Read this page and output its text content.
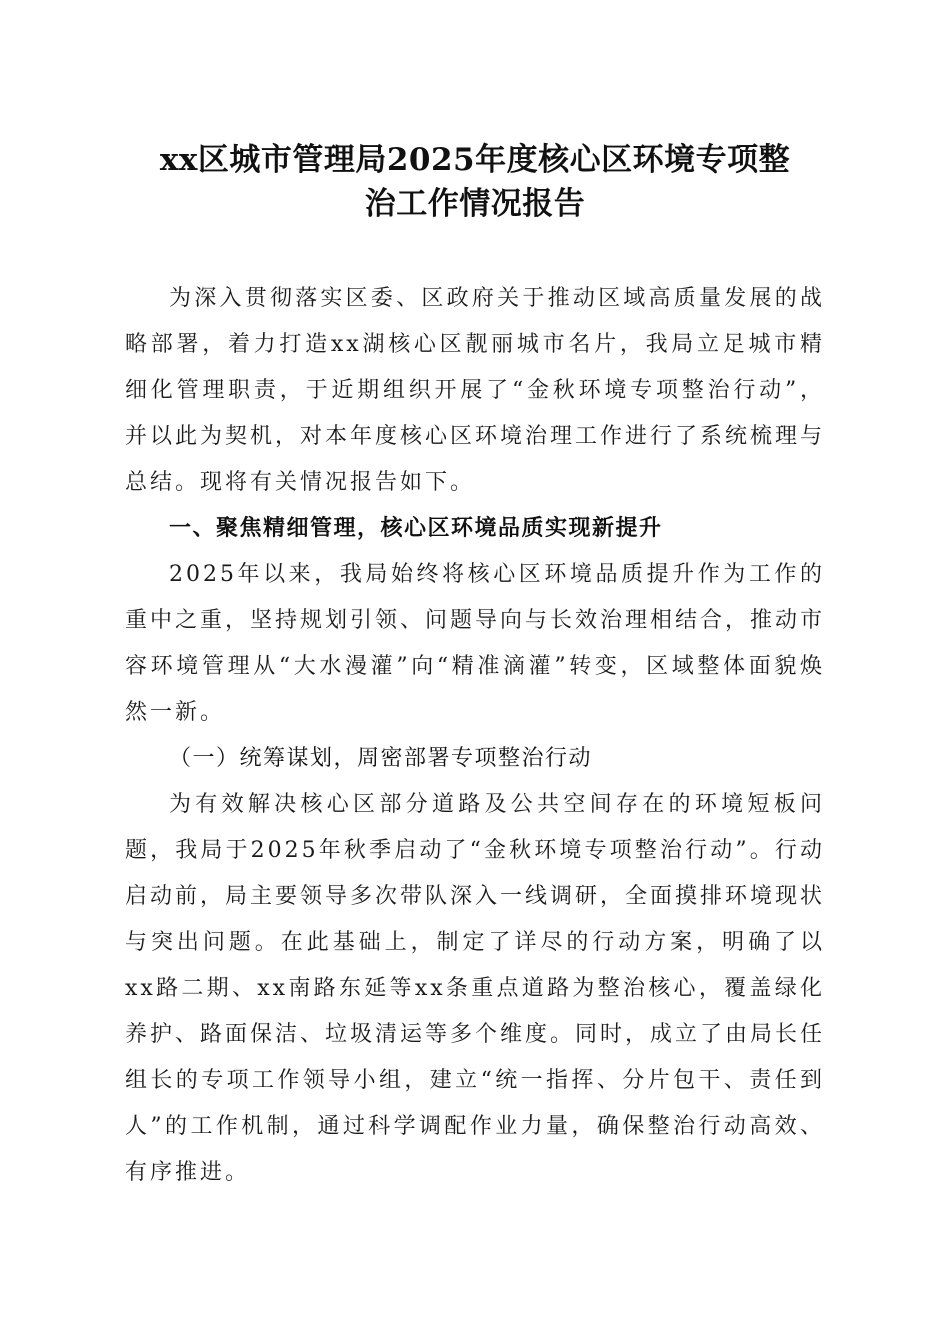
xx区城市管理局2025年度核心区环境专项整
治工作情况报告

为深入贯彻落实区委、区政府关于推动区域高质量发展的战略部署，着力打造xx湖核心区靓丽城市名片，我局立足城市精细化管理职责，于近期组织开展了“金秋环境专项整治行动”，并以此为契机，对本年度核心区环境治理工作进行了系统梳理与总结。现将有关情况报告如下。

一、聚焦精细管理，核心区环境品质实现新提升

2025年以来，我局始终将核心区环境品质提升作为工作的重中之重，坚持规划引领、问题导向与长效治理相结合，推动市容环境管理从“大水漫灌”向“精准滴灌”转变，区域整体面貌焕然一新。

（一）统筹谋划，周密部署专项整治行动

为有效解决核心区部分道路及公共空间存在的环境短板问题，我局于2025年秋季启动了“金秋环境专项整治行动”。行动启动前，局主要领导多次带队深入一线调研，全面摸排环境现状与突出问题。在此基础上，制定了详尽的行动方案，明确了以xx路二期、xx南路东延等xx条重点道路为整治核心，覆盖绿化养护、路面保洁、垃圾清运等多个维度。同时，成立了由局长任组长的专项工作领导小组，建立“统一指挥、分片包干、责任到人”的工作机制，通过科学调配作业力量，确保整治行动高效、有序推进。
